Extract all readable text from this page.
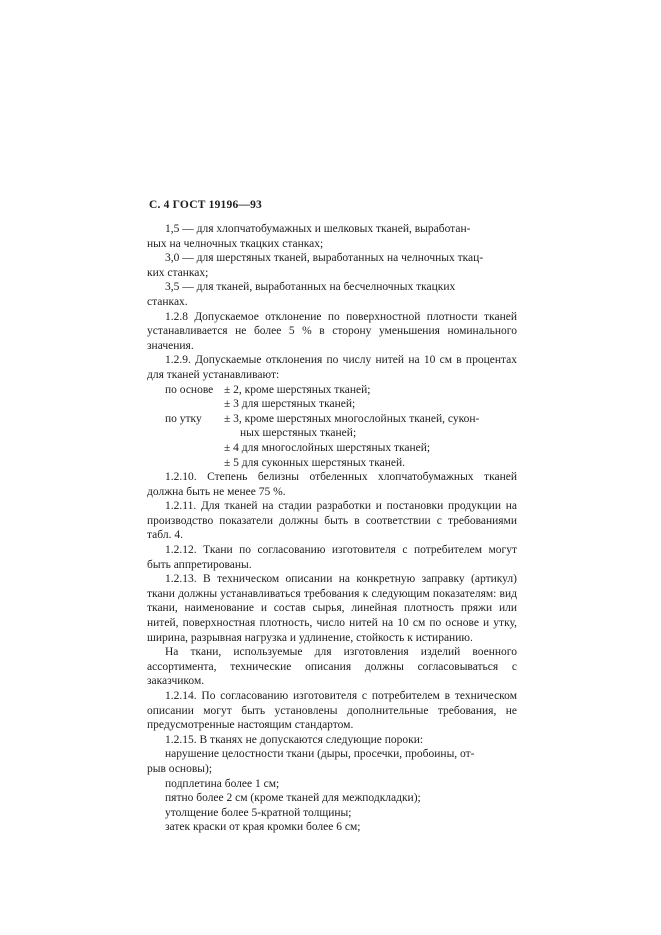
С. 4 ГОСТ 19196—93

1,5 — для хлопчатобумажных и шелковых тканей, выработан-
ных на челночных ткацких станках;

3,0 — для шерстяных тканей, выработанных на челночных ткац-
ких станках;

3,5 — для тканей, выработанных на бесчелночных ткацких
станках.

1.2.8 Допускаемое отклонение по поверхностной плотности тканей устанавливается не более 5 % в сторону уменьшения номинального значения.

1.2.9. Допускаемые отклонения по числу нитей на 10 см в процентах для тканей устанавливают:

по основе ± 2, кроме шерстяных тканей;
± 3 для шерстяных тканей;
по утку	± 3, кроме шерстяных многослойных тканей, сукон-
ных шерстяных тканей;
± 4 для многослойных шерстяных тканей;
± 5 для суконных шерстяных тканей.

1.2.10. Степень белизны отбеленных хлопчатобумажных тканей должна быть не менее 75 %.

1.2.11. Для тканей на стадии разработки и постановки продукции на производство показатели должны быть в соответствии с требованиями табл. 4.

1.2.12. Ткани по согласованию изготовителя с потребителем могут быть аппретированы.

1.2.13. В техническом описании на конкретную заправку (артикул) ткани должны устанавливаться требования к следующим показателям: вид ткани, наименование и состав сырья, линейная плотность пряжи или нитей, поверхностная плотность, число нитей на 10 см по основе и утку, ширина, разрывная нагрузка и удлинение, стойкость к истиранию.

На ткани, используемые для изготовления изделий военного ассортимента, технические описания должны согласовываться с заказчиком.

1.2.14. По согласованию изготовителя с потребителем в техническом описании могут быть установлены дополнительные требования, не предусмотренные настоящим стандартом.

1.2.15. В тканях не допускаются следующие пороки:

нарушение целостности ткани (дыры, просечки, пробоины, от-
рыв основы);

подплетина более 1 см;

пятно более 2 см (кроме тканей для межподкладки);

утолщение более 5-кратной толщины;

затек краски от края кромки более 6 см;
